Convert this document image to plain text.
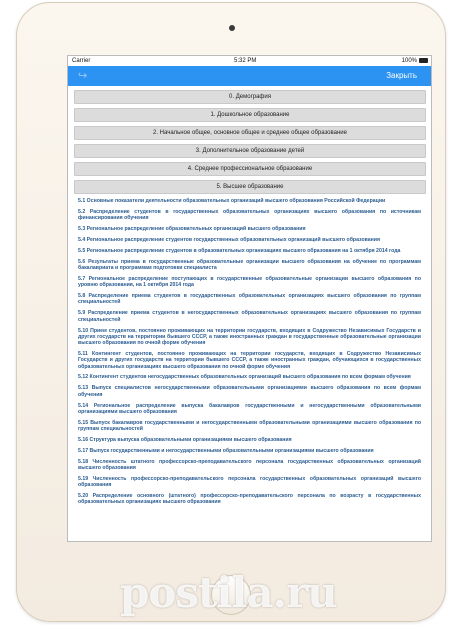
Carrier	5:32 PM	100%
↪	Закрыть
0. Демография
1. Дошкольное образование
2. Начальное общее, основное общее и среднее общее образование
3. Дополнительное образование детей
4. Среднее профессиональное образование
5. Высшее образование
5.1 Основные показатели деятельности образовательных организаций высшего образования Российской Федерации
5.2 Распределение студентов в государственных образовательных организациях высшего образования по источникам финансирования обучения
5.3 Региональное распределение образовательных организаций высшего образования
5.4 Региональное распределение студентов государственных образовательных организаций высшего образования
5.5 Региональное распределение студентов в образовательных организациях высшего образования на 1 октября 2014 года
5.6 Результаты приема в государственные образовательные организации высшего образования на обучение по программам бакалавриата и программам подготовки специалиста
5.7 Региональное распределение поступающих в государственные образовательные организации высшего образования по уровню образования, на 1 октября 2014 года
5.8 Распределение приема студентов в государственных образовательных организациях высшего образования по группам специальностей
5.9 Распределение приема студентов в негосударственных образовательных организациях высшего образования по группам специальностей
5.10 Прием студентов, постоянно проживающих на территории государств, входящих в Содружество Независимых Государств и других государств на территории бывшего СССР, а также иностранных граждан в государственные образовательные организации высшего образования по очной форме обучения
5.11 Контингент студентов, постоянно проживающих на территории государств, входящих в Содружество Независимых Государств и других государств на территории бывшего СССР, а также иностранных граждан, обучающихся в государственных образовательных организациях высшего образования по очной форме обучения
5.12 Контингент студентов негосударственных образовательных организаций высшего образования по всем формам обучения
5.13 Выпуск специалистов негосударственными образовательными организациями высшего образования по всем формам обучения
5.14 Региональное распределение выпуска бакалавров государственными и негосударственными образовательными организациями высшего образования
5.15 Выпуск бакалавров государственными и негосударственными образовательными организациями высшего образования по группам специальностей
5.16 Структура выпуска образовательными организациями высшего образования
5.17 Выпуск государственными и негосударственными образовательными организациями высшего образования
5.18 Численность штатного профессорско-преподавательского персонала государственных образовательных организаций высшего образования
5.19 Численность профессорско-преподавательского персонала государственных образовательных организаций высшего образования
5.20 Распределение основного (штатного) профессорско-преподавательского персонала по возрасту в государственных образовательных организациях высшего образования
postila.ru
